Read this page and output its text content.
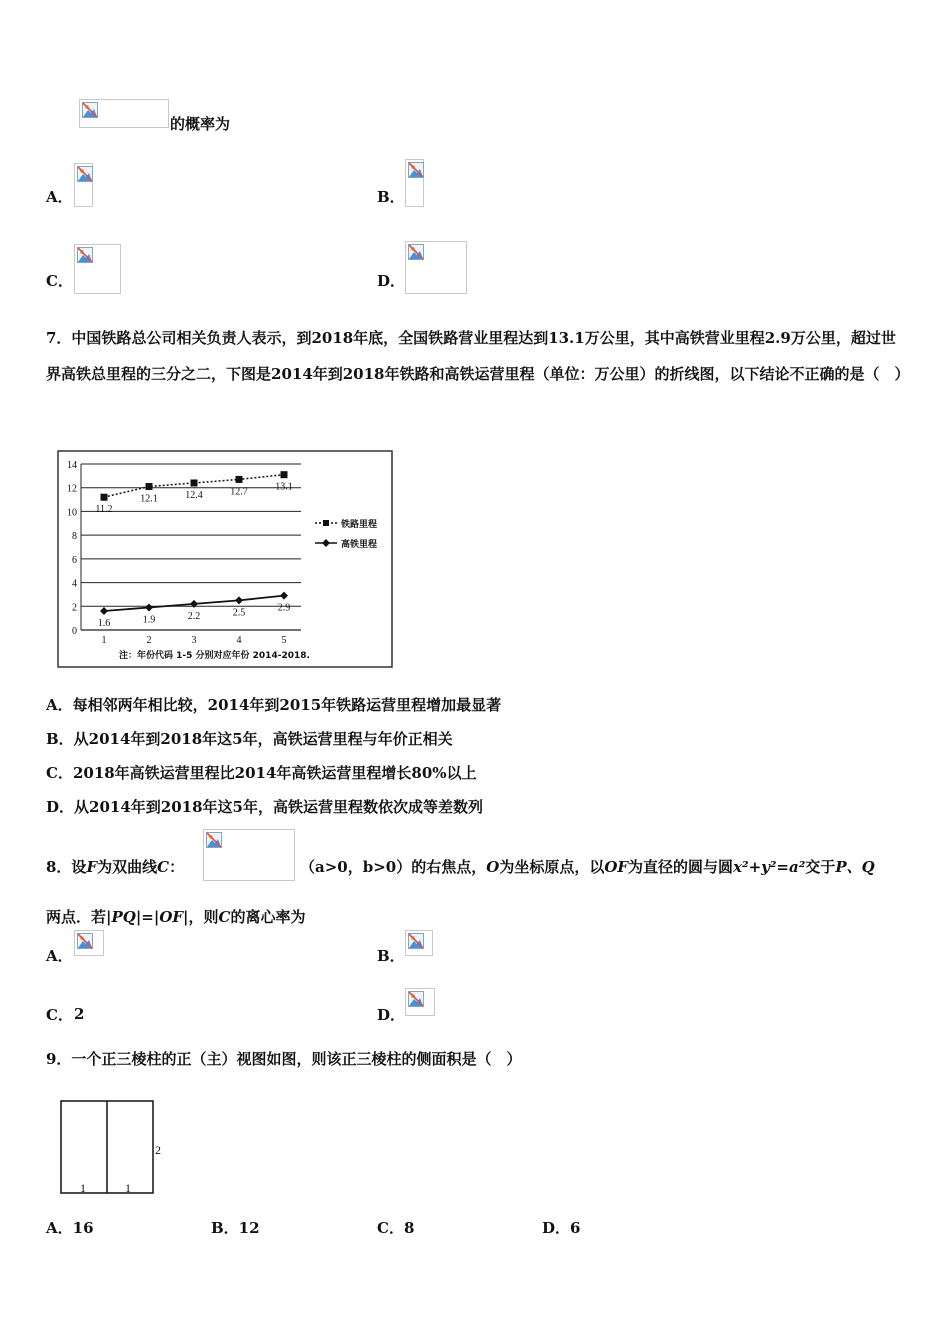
的概率为
A．	B．
C．	D．
7．中国铁路总公司相关负责人表示，到2018年底，全国铁路营业里程达到13.1万公里，其中高铁营业里程2.9万公里，超过世界高铁总里程的三分之二，下图是2014年到2018年铁路和高铁运营里程（单位：万公里）的折线图，以下结论不正确的是（　）
0
2
4
6
8
10
12
14
1	2	3	4	5
11.2
12.1	12.4	12.7	13.1
1.6	1.9	2.2	2.5	2.9
铁路里程
高铁里程
注：年份代码 1-5 分别对应年份 2014-2018.
A．每相邻两年相比较，2014年到2015年铁路运营里程增加最显著
B．从2014年到2018年这5年，高铁运营里程与年价正相关
C．2018年高铁运营里程比2014年高铁运营里程增长80%以上
D．从2014年到2018年这5年，高铁运营里程数依次成等差数列
8．设F为双曲线C：	（a>0，b>0）的右焦点，O为坐标原点，以OF为直径的圆与圆x²+y²=a²交于P、Q
两点．若|PQ|=|OF|，则C的离心率为
A．	B．
C． 2	D．
9．一个正三棱柱的正（主）视图如图，则该正三棱柱的侧面积是（　）
1	1
2
A．16	B．12	C．8	D．6
